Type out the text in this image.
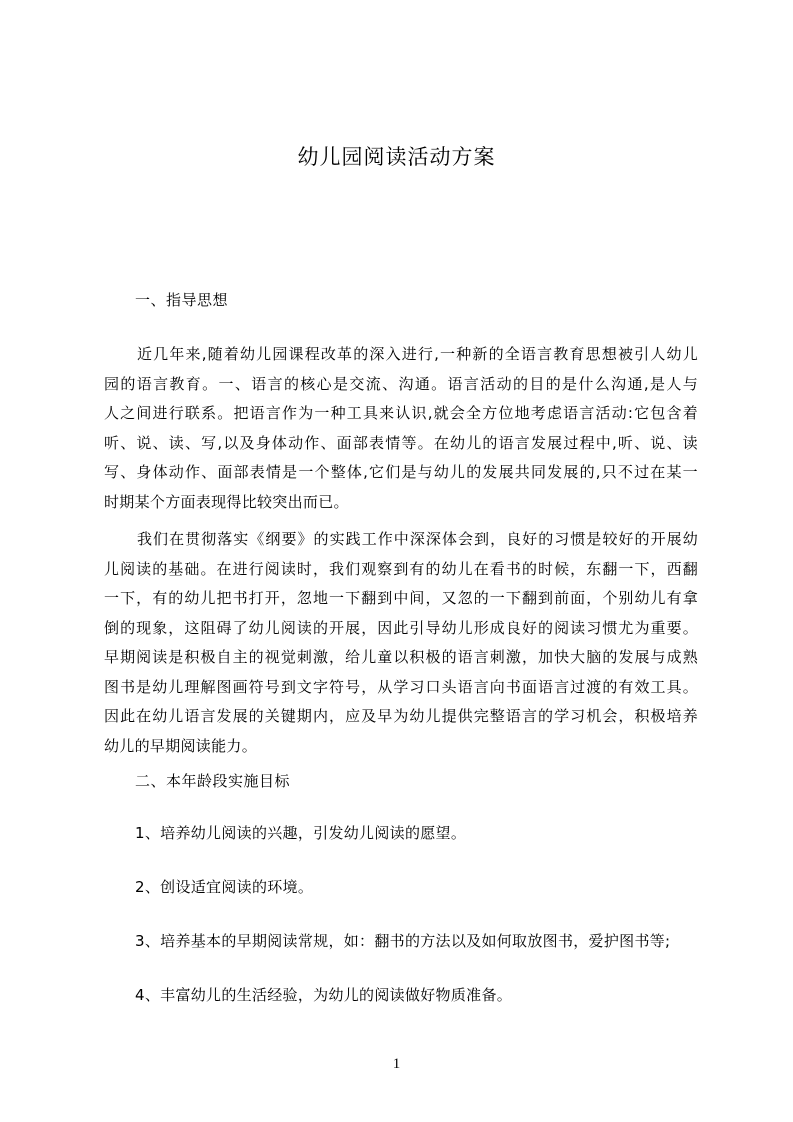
幼儿园阅读活动方案
一、指导思想
近几年来,随着幼儿园课程改革的深入进行,一种新的全语言教育思想被引人幼儿
园的语言教育。一、语言的核心是交流、沟通。语言活动的目的是什么沟通,是人与
人之间进行联系。把语言作为一种工具来认识,就会全方位地考虑语言活动:它包含着
听、说、读、写,以及身体动作、面部表情等。在幼儿的语言发展过程中,听、说、读
写、身体动作、面部表情是一个整体,它们是与幼儿的发展共同发展的,只不过在某一
时期某个方面表现得比较突出而已。
我们在贯彻落实《纲要》的实践工作中深深体会到，良好的习惯是较好的开展幼
儿阅读的基础。在进行阅读时，我们观察到有的幼儿在看书的时候，东翻一下，西翻
一下，有的幼儿把书打开，忽地一下翻到中间，又忽的一下翻到前面，个别幼儿有拿
倒的现象，这阻碍了幼儿阅读的开展，因此引导幼儿形成良好的阅读习惯尤为重要。
早期阅读是积极自主的视觉刺激，给儿童以积极的语言刺激，加快大脑的发展与成熟
图书是幼儿理解图画符号到文字符号，从学习口头语言向书面语言过渡的有效工具。
因此在幼儿语言发展的关键期内，应及早为幼儿提供完整语言的学习机会，积极培养
幼儿的早期阅读能力。
二、本年龄段实施目标
1、培养幼儿阅读的兴趣，引发幼儿阅读的愿望。
2、创设适宜阅读的环境。
3、培养基本的早期阅读常规，如：翻书的方法以及如何取放图书，爱护图书等;
4、丰富幼儿的生活经验，为幼儿的阅读做好物质准备。
1
